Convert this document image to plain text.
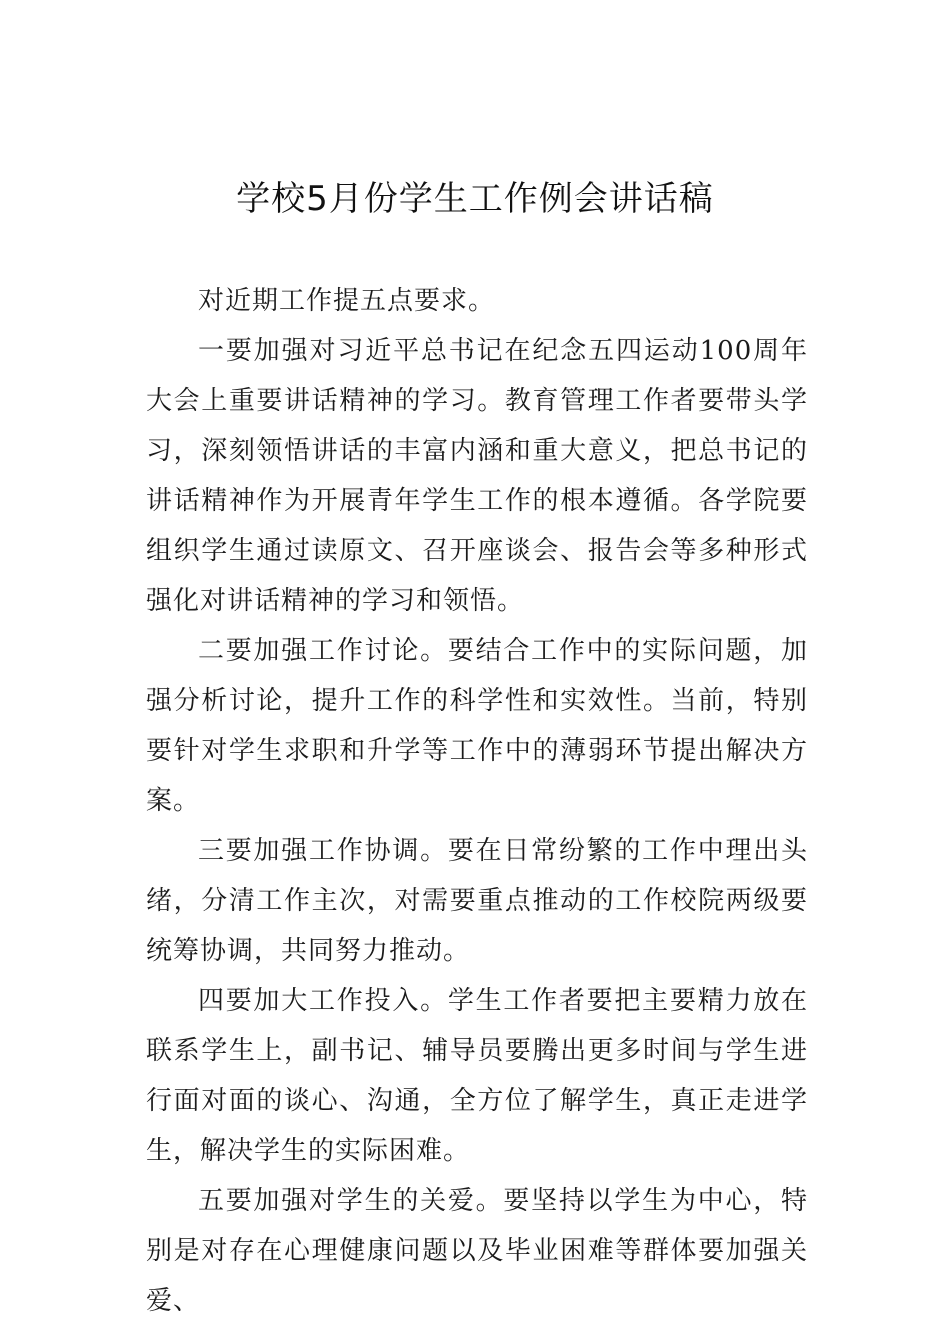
学校5月份学生工作例会讲话稿

对近期工作提五点要求。

一要加强对习近平总书记在纪念五四运动100周年大会上重要讲话精神的学习。教育管理工作者要带头学习，深刻领悟讲话的丰富内涵和重大意义，把总书记的讲话精神作为开展青年学生工作的根本遵循。各学院要组织学生通过读原文、召开座谈会、报告会等多种形式强化对讲话精神的学习和领悟。

二要加强工作讨论。要结合工作中的实际问题，加强分析讨论，提升工作的科学性和实效性。当前，特别要针对学生求职和升学等工作中的薄弱环节提出解决方案。

三要加强工作协调。要在日常纷繁的工作中理出头绪，分清工作主次，对需要重点推动的工作校院两级要统筹协调，共同努力推动。

四要加大工作投入。学生工作者要把主要精力放在联系学生上，副书记、辅导员要腾出更多时间与学生进行面对面的谈心、沟通，全方位了解学生，真正走进学生，解决学生的实际困难。

五要加强对学生的关爱。要坚持以学生为中心，特别是对存在心理健康问题以及毕业困难等群体要加强关爱、
